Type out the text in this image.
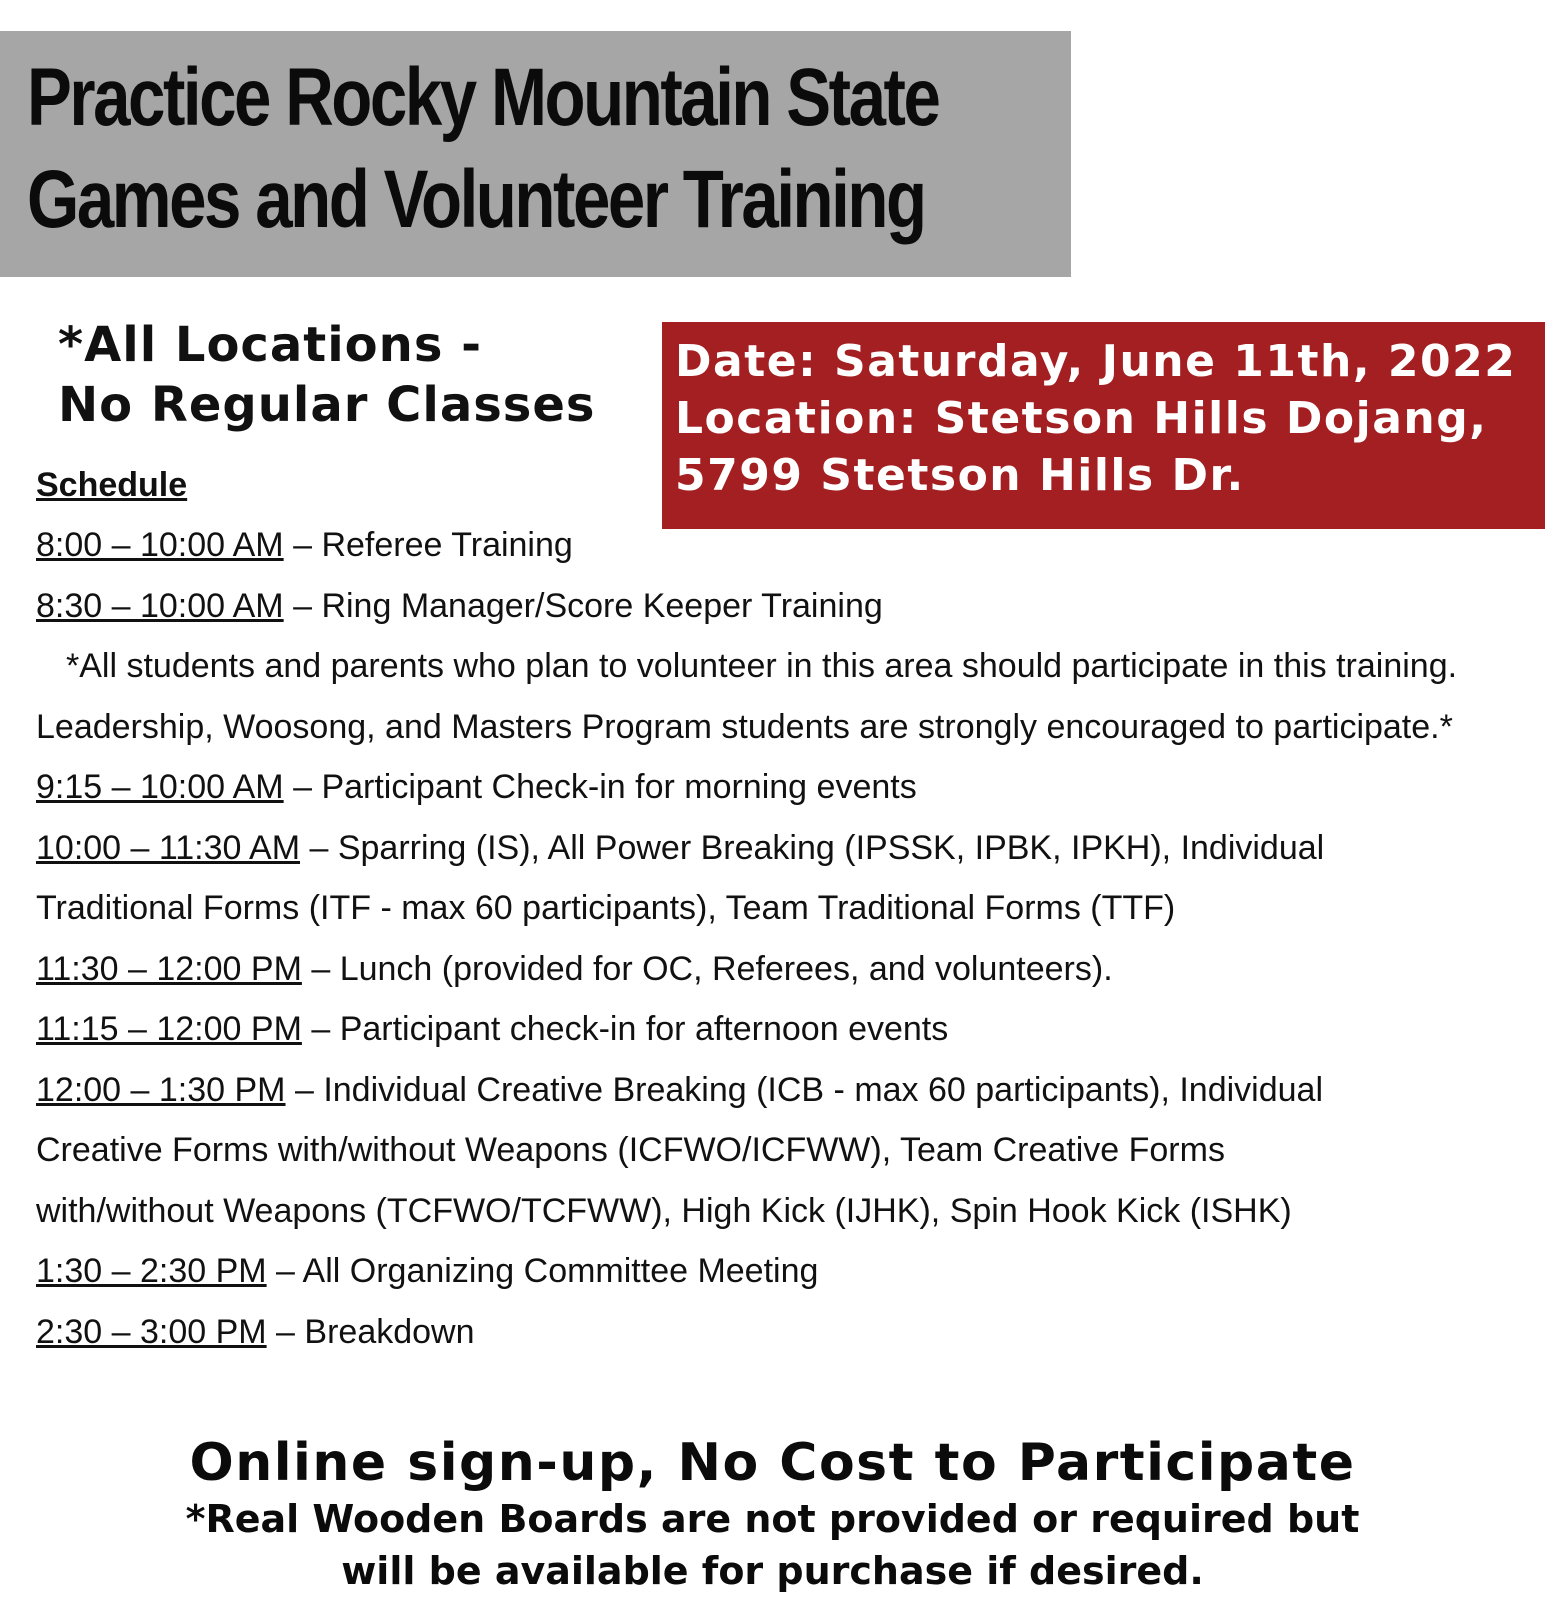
Practice Rocky Mountain State
Games and Volunteer Training
*All Locations -
No Regular Classes
Date: Saturday, June 11th, 2022
Location: Stetson Hills Dojang,
5799 Stetson Hills Dr.
Schedule
8:00 – 10:00 AM – Referee Training
8:30 – 10:00 AM – Ring Manager/Score Keeper Training
*All students and parents who plan to volunteer in this area should participate in this training. Leadership, Woosong, and Masters Program students are strongly encouraged to participate.*
9:15 – 10:00 AM – Participant Check-in for morning events
10:00 – 11:30 AM – Sparring (IS), All Power Breaking (IPSSK, IPBK, IPKH), Individual
Traditional Forms (ITF - max 60 participants), Team Traditional Forms (TTF)
11:30 – 12:00 PM – Lunch (provided for OC, Referees, and volunteers).
11:15 – 12:00 PM – Participant check-in for afternoon events
12:00 – 1:30 PM – Individual Creative Breaking (ICB - max 60 participants), Individual
Creative Forms with/without Weapons (ICFWO/ICFWW), Team Creative Forms
with/without Weapons (TCFWO/TCFWW), High Kick (IJHK), Spin Hook Kick (ISHK)
1:30 – 2:30 PM – All Organizing Committee Meeting
2:30 – 3:00 PM – Breakdown
Online sign-up, No Cost to Participate
*Real Wooden Boards are not provided or required but
will be available for purchase if desired.
